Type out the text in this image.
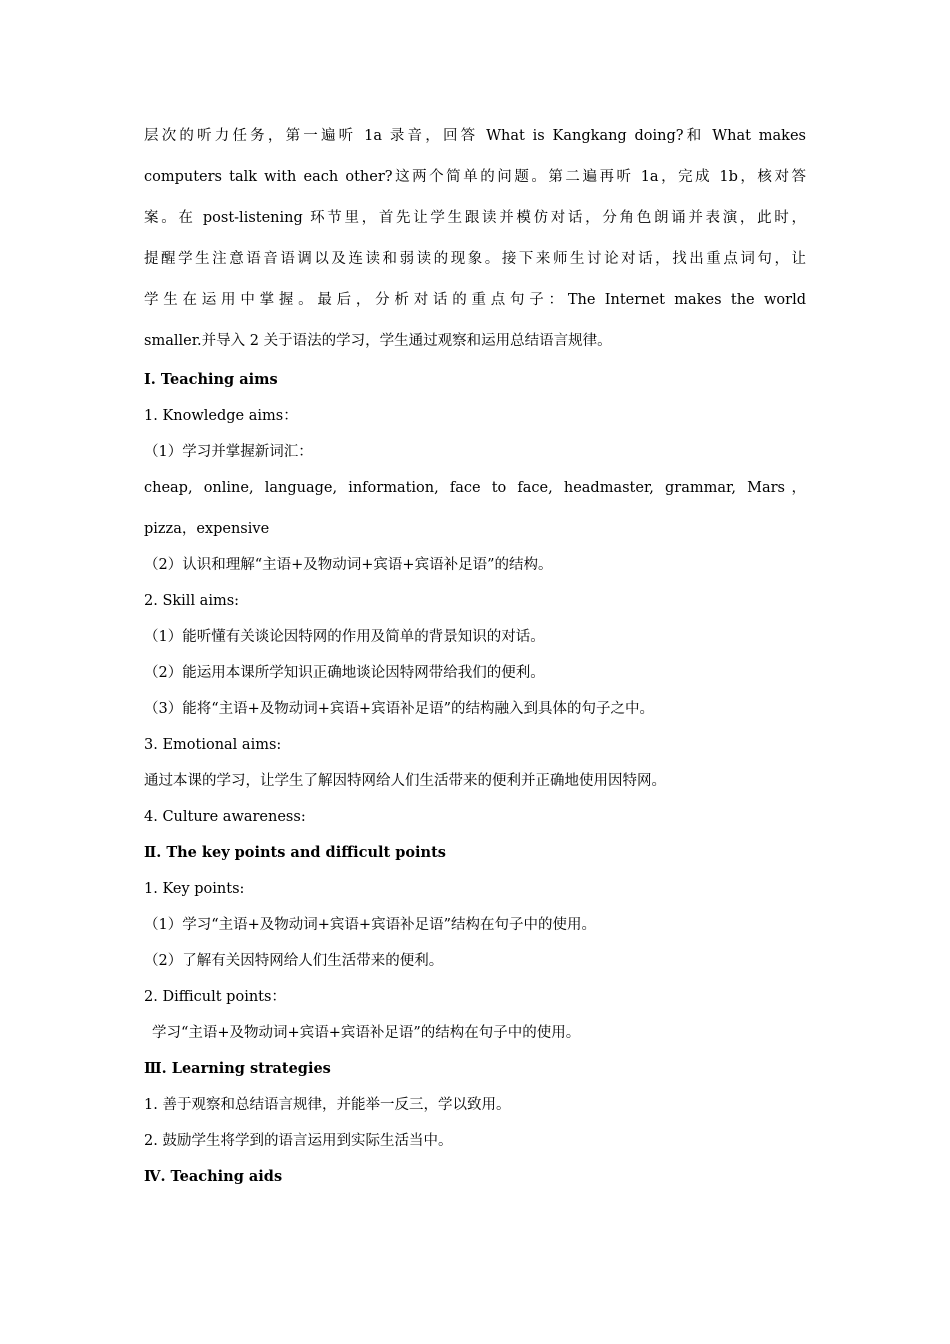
层次的听力任务，第一遍听 1a 录音，回答 What is Kangkang doing?和 What makes
computers talk with each other?这两个简单的问题。第二遍再听 1a，完成 1b，核对答
案。在 post-listening 环节里，首先让学生跟读并模仿对话，分角色朗诵并表演，此时，
提醒学生注意语音语调以及连读和弱读的现象。接下来师生讨论对话，找出重点词句，让
学生在运用中掌握。最后，分析对话的重点句子：The Internet makes the world
smaller.并导入 2 关于语法的学习，学生通过观察和运用总结语言规律。
Ⅰ. Teaching aims
1. Knowledge aims：
（1）学习并掌握新词汇：
cheap, online, language, information, face to face, headmaster, grammar, Mars，
pizza，expensive
（2）认识和理解“主语+及物动词+宾语+宾语补足语”的结构。
2. Skill aims:
（1）能听懂有关谈论因特网的作用及简单的背景知识的对话。
（2）能运用本课所学知识正确地谈论因特网带给我们的便利。
（3）能将“主语+及物动词+宾语+宾语补足语”的结构融入到具体的句子之中。
3. Emotional aims:
通过本课的学习，让学生了解因特网给人们生活带来的便利并正确地使用因特网。
4. Culture awareness:
Ⅱ. The key points and difficult points
1. Key points:
（1）学习“主语+及物动词+宾语+宾语补足语”结构在句子中的使用。
（2）了解有关因特网给人们生活带来的便利。
2. Difficult points：
学习“主语+及物动词+宾语+宾语补足语”的结构在句子中的使用。
Ⅲ. Learning strategies
1. 善于观察和总结语言规律，并能举一反三，学以致用。
2. 鼓励学生将学到的语言运用到实际生活当中。
Ⅳ. Teaching aids
